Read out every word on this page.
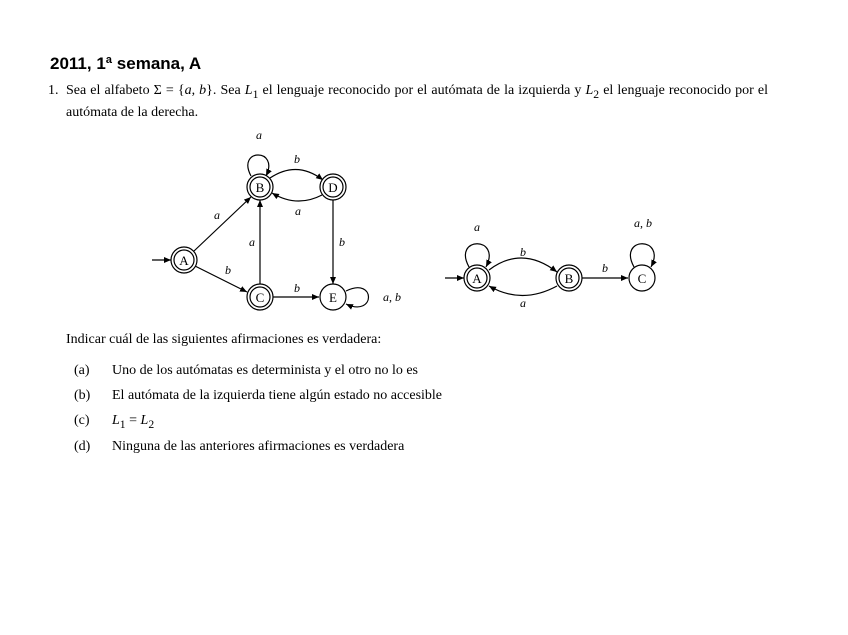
2011, 1ª semana, A
1. Sea el alfabeto Σ = {a, b}. Sea $L_1$ el lenguaje reconocido por el autómata de la izquierda y $L_2$ el lenguaje reconocido por el autómata de la derecha.
A
B
C
D
E
a
a
b
a
b
a
b
b
a, b
A	B	C
a
b
a
b
a, b
Indicar cuál de las siguientes afirmaciones es verdadera:
(a) Uno de los autómatas es determinista y el otro no lo es
(b) El autómata de la izquierda tiene algún estado no accesible
(c) $L_1 = L_2$
(d) Ninguna de las anteriores afirmaciones es verdadera
